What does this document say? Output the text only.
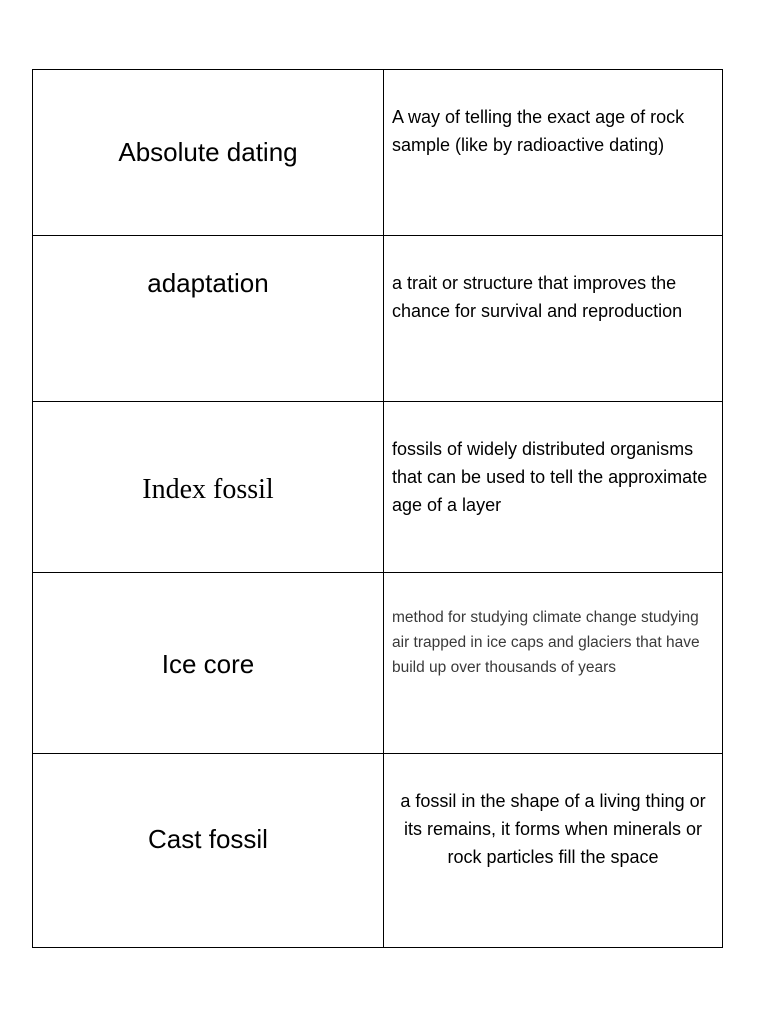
Absolute dating	A way of telling the exact age of rock sample (like by radioactive dating)

adaptation	a trait or structure that improves the chance for survival and reproduction

Index fossil	fossils of widely distributed organisms that can be used to tell the approximate age of a layer

Ice core	method for studying climate change studying air trapped in ice caps and glaciers that have build up over thousands of years

Cast fossil	a fossil in the shape of a living thing or its remains, it forms when minerals or rock particles fill the space
